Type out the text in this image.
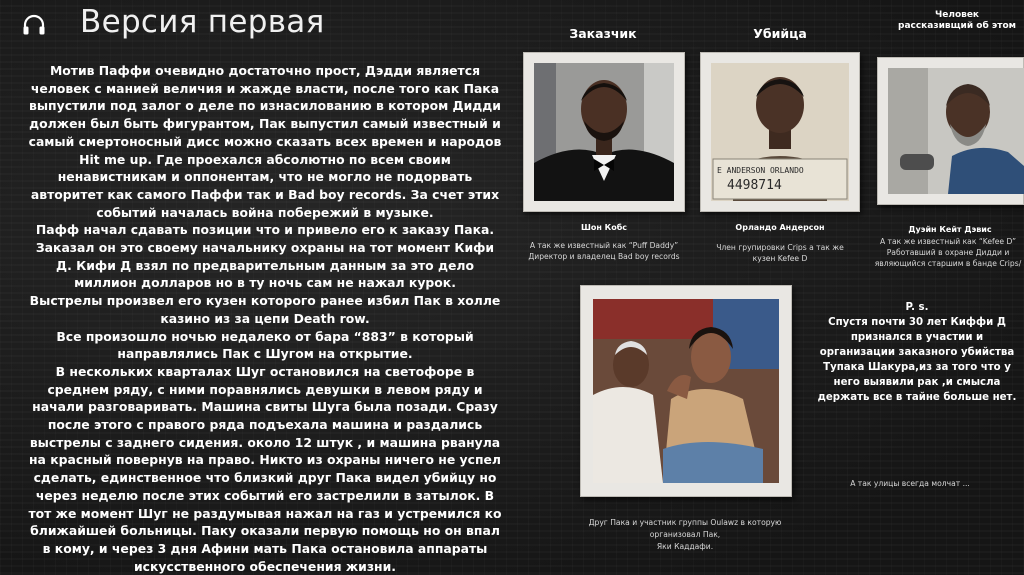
Версия первая

Мотив Паффи очевидно достаточно прост, Дэдди является человек с манией величия и жажде власти, после того как Пака выпустили под залог о деле по изнасилованию в котором Дидди должен был быть фигурантом, Пак выпустил самый известный и самый смертоносный дисс можно сказать всех времен и народов Hit me up. Где проехался абсолютно по всем своим ненавистникам и оппонентам, что не могло не подорвать авторитет как самого Паффи так и Bad boy records. За счет этих событий началась война побережий в музыке.

Пафф начал сдавать позиции что и привело его к заказу Пака. Заказал он это своему начальнику охраны на тот момент Кифи Д. Кифи Д взял по предварительным данным за это дело миллион долларов но в ту ночь сам не нажал курок.

Выстрелы произвел его кузен которого ранее избил Пак в холле казино из за цепи Death row.

Все произошло ночью недалеко от бара “883” в который направлялись Пак с Шугом на открытие.

В нескольких кварталах Шуг остановился на светофоре в среднем ряду, с ними поравнялись девушки в левом ряду и начали разговаривать. Машина свиты Шуга была позади. Сразу после этого с правого ряда подъехала машина и раздались выстрелы с заднего сидения. около 12 штук , и машина рванула на красный повернув на право. Никто из охраны ничего не успел сделать, единственное что близкий друг Пака видел убийцу но через неделю после этих событий его застрелили в затылок. В тот же момент Шуг не раздумывая нажал на газ и устремился ко ближайшей больницы. Паку оказали первую помощь но он впал в кому, и через 3 дня Афини мать Пака остановила аппараты искусственного обеспечения жизни.

Заказчик	Убийца
Человек рассказивщий об этом
E ANDERSON ORLANDO
4498714
Шон Кобс
А так же известный как “Puff Daddy”
Директор и владелец Bad boy records
Орландо Андерсон
Член групировки Crips а так же
кузен Kefee D
Дуэйн Кейт Дэвис
А так же известный как “Kefee D”
Работавший в охране Дидди и
являющийся старшим в банде Crips/
Друг Пака и участник группы Oulawz в которую
организовал Пак,
Яки Каддафи.

P. s.

Спустя почти 30 лет Киффи Д признался в участии и организации заказного убийства Тупака Шакура,из за того что у него выявили рак ,и смысла держать все в тайне больше нет.

А так улицы всегда молчат ...
